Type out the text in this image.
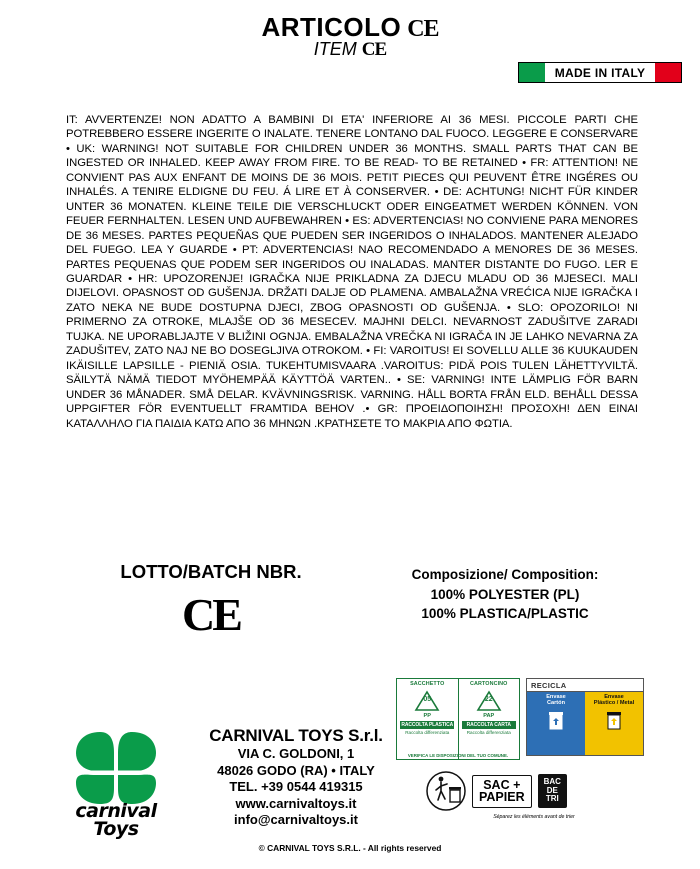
ARTICOLO CE
ITEM CE
MADE IN ITALY
IT: AVVERTENZE! NON ADATTO A BAMBINI DI ETA' INFERIORE AI 36 MESI. PICCOLE PARTI CHE POTREBBERO ESSERE INGERITE O INALATE. TENERE LONTANO DAL FUOCO. LEGGERE E CONSERVARE • UK: WARNING! NOT SUITABLE FOR CHILDREN UNDER 36 MONTHS. SMALL PARTS THAT CAN BE INGESTED OR INHALED. KEEP AWAY FROM FIRE. TO BE READ- TO BE RETAINED • FR: ATTENTION! NE CONVIENT PAS AUX ENFANT DE MOINS DE 36 MOIS. PETIT PIECES QUI PEUVENT ÊTRE INGÉRES OU INHALÉS. A TENIRE ELDIGNE DU FEU. Á LIRE ET À CONSERVER. • DE: ACHTUNG! NICHT FÜR KINDER UNTER 36 MONATEN. KLEINE TEILE DIE VERSCHLUCKT ODER EINGEATMET WERDEN KÖNNEN. VON FEUER FERNHALTEN. LESEN UND AUFBEWAHREN • ES: ADVERTENCIAS! NO CONVIENE PARA MENORES DE 36 MESES. PARTES PEQUEÑAS QUE PUEDEN SER INGERIDOS O INHALADOS. MANTENER ALEJADO DEL FUEGO. LEA Y GUARDE • PT: ADVERTENCIAS! NAO RECOMENDADO A MENORES DE 36 MESES. PARTES PEQUENAS QUE PODEM SER INGERIDOS OU INALADAS. MANTER DISTANTE DO FUGO. LER E GUARDAR • HR: UPOZORENJE! IGRAČKA NIJE PRIKLADNA ZA DJECU MLADU OD 36 MJESECI. MALI DIJELOVI. OPASNOST OD GUŠENJA. DRŽATI DALJE OD PLAMENA. AMBALAŽNA VREĆICA NIJE IGRAČKA I ZATO NEKA NE BUDE DOSTUPNA DJECI, ZBOG OPASNOSTI OD GUŠENJA. • SLO: OPOZORILO! NI PRIMERNO ZA OTROKE, MLAJŠE OD 36 MESECEV. MAJHNI DELCI. NEVARNOST ZADUŠITVE ZARADI TUJKA. NE UPORABLJAJTE V BLIŽINI OGNJA. EMBALAŽNA VREČKA NI IGRAČA IN JE LAHKO NEVARNA ZA ZADUŠITEV, ZATO NAJ NE BO DOSEGLJIVA OTROKOM. • FI: VAROITUS! EI SOVELLU ALLE 36 KUUKAUDEN IKÄISILLE LAPSILLE - PIENIÄ OSIA. TUKEHTUMISVAARA .VAROITUS: PIDÄ POIS TULEN LÄHETTYVILTÄ. SÄILYTÄ NÄMÄ TIEDOT MYÖHEMPÄÄ KÄYTTÖÄ VARTEN.. • SE: VARNING! INTE LÄMPLIG FÖR BARN UNDER 36 MÅNADER. SMÅ DELAR. KVÄVNINGSRISK. VARNING. HÅLL BORTA FRÅN ELD. BEHÅLL DESSA UPPGIFTER FÖR EVENTUELLT FRAMTIDA BEHOV .• GR: ΠΡΟΕΙΔΟΠΟΙΗΣΗ! ΠΡΟΣΟΧΗ! ΔΕΝ ΕΙΝΑΙ ΚΑΤΑΛΛΗΛΟ ΓΙΑ ΠΑΙΔΙΑ ΚΑΤΩ ΑΠΟ 36 ΜΗΝΩΝ .ΚΡΑΤΗΣΕΤΕ ΤΟ ΜΑΚΡΙΑ ΑΠΟ ΦΩΤΙΑ.
LOTTO/BATCH NBR.
CE
Composizione/ Composition:
100% POLYESTER (PL)
100% PLASTICA/PLASTIC
carnival
Toys
CARNIVAL TOYS S.r.l.
VIA C. GOLDONI, 1
48026 GODO (RA) • ITALY
TEL. +39 0544 419315
www.carnivaltoys.it
info@carnivaltoys.it
SACCHETTO
05
PP
RACCOLTA PLASTICA
Raccolta differenziata
CARTONCINO
22
PAP
RACCOLTA CARTA
Raccolta differenziata
VERIFICA LE DISPOSIZIONI DEL TUO COMUNE.
RECICLA
Envase
Cartón
Envase
Plástico / Metal
SAC +
PAPIER
BAC
DE
TRI
Séparez les éléments avant de trier
© CARNIVAL TOYS S.R.L. - All rights reserved
